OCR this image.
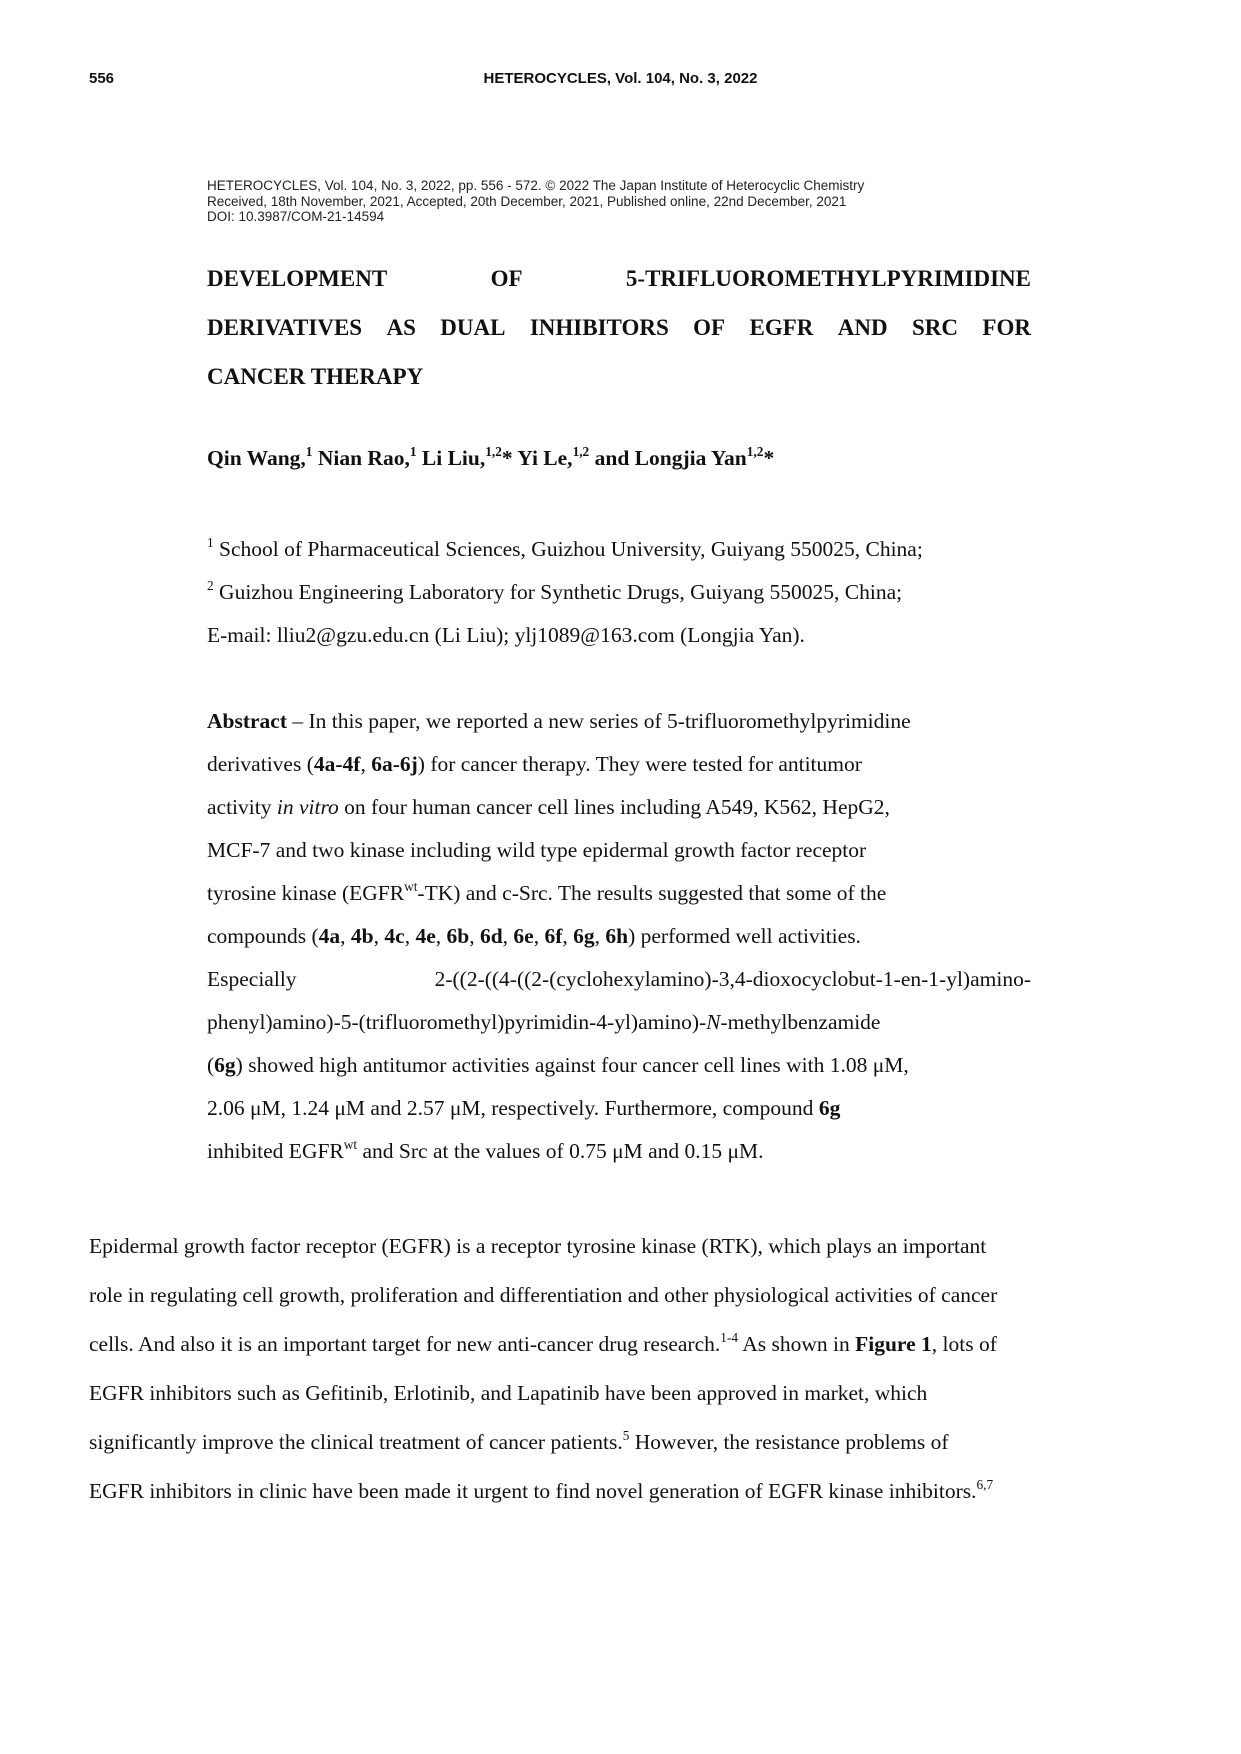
556	HETEROCYCLES, Vol. 104, No. 3, 2022
HETEROCYCLES, Vol. 104, No. 3, 2022, pp. 556 - 572. © 2022 The Japan Institute of Heterocyclic Chemistry
Received, 18th November, 2021, Accepted, 20th December, 2021, Published online, 22nd December, 2021
DOI: 10.3987/COM-21-14594
DEVELOPMENT	OF	5-TRIFLUOROMETHYLPYRIMIDINE
DERIVATIVES AS DUAL INHIBITORS OF EGFR AND SRC FOR
CANCER THERAPY
Qin Wang,$^1$ Nian Rao,$^1$ Li Liu,$^{1,2}$* Yi Le,$^{1,2}$ and Longjia Yan$^{1,2}$*
$^1$ School of Pharmaceutical Sciences, Guizhou University, Guiyang 550025, China;
$^2$ Guizhou Engineering Laboratory for Synthetic Drugs, Guiyang 550025, China;
E-mail: lliu2@gzu.edu.cn (Li Liu); ylj1089@163.com (Longjia Yan).
Abstract – In this paper, we reported a new series of 5-trifluoromethylpyrimidine
derivatives (4a-4f, 6a-6j) for cancer therapy. They were tested for antitumor
activity in vitro on four human cancer cell lines including A549, K562, HepG2,
MCF-7 and two kinase including wild type epidermal growth factor receptor
tyrosine kinase $(EGFR^{wt}-TK)$ and c-Src. The results suggested that some of the
compounds (4a, 4b, 4c, 4e, 6b, 6d, 6e, 6f, 6g, 6h) performed well activities.
Especially	2-((2-((4-((2-(cyclohexylamino)-3,4-dioxocyclobut-1-en-1-yl)amino-
phenyl)amino)-5-(trifluoromethyl)pyrimidin-4-yl)amino)-N-methylbenzamide
(6g) showed high antitumor activities against four cancer cell lines with 1.08 μM,
2.06 μM, 1.24 μM and 2.57 μM, respectively. Furthermore, compound 6g
inhibited $EGFR^{wt}$ and Src at the values of 0.75 μM and 0.15 μM.
Epidermal growth factor receptor (EGFR) is a receptor tyrosine kinase (RTK), which plays an important
role in regulating cell growth, proliferation and differentiation and other physiological activities of cancer
cells. And also it is an important target for new anti-cancer drug research.$^{1-4}$ As shown in Figure 1, lots of
EGFR inhibitors such as Gefitinib, Erlotinib, and Lapatinib have been approved in market, which
significantly improve the clinical treatment of cancer patients.$^5$ However, the resistance problems of
EGFR inhibitors in clinic have been made it urgent to find novel generation of EGFR kinase inhibitors.$^{6,7}$
